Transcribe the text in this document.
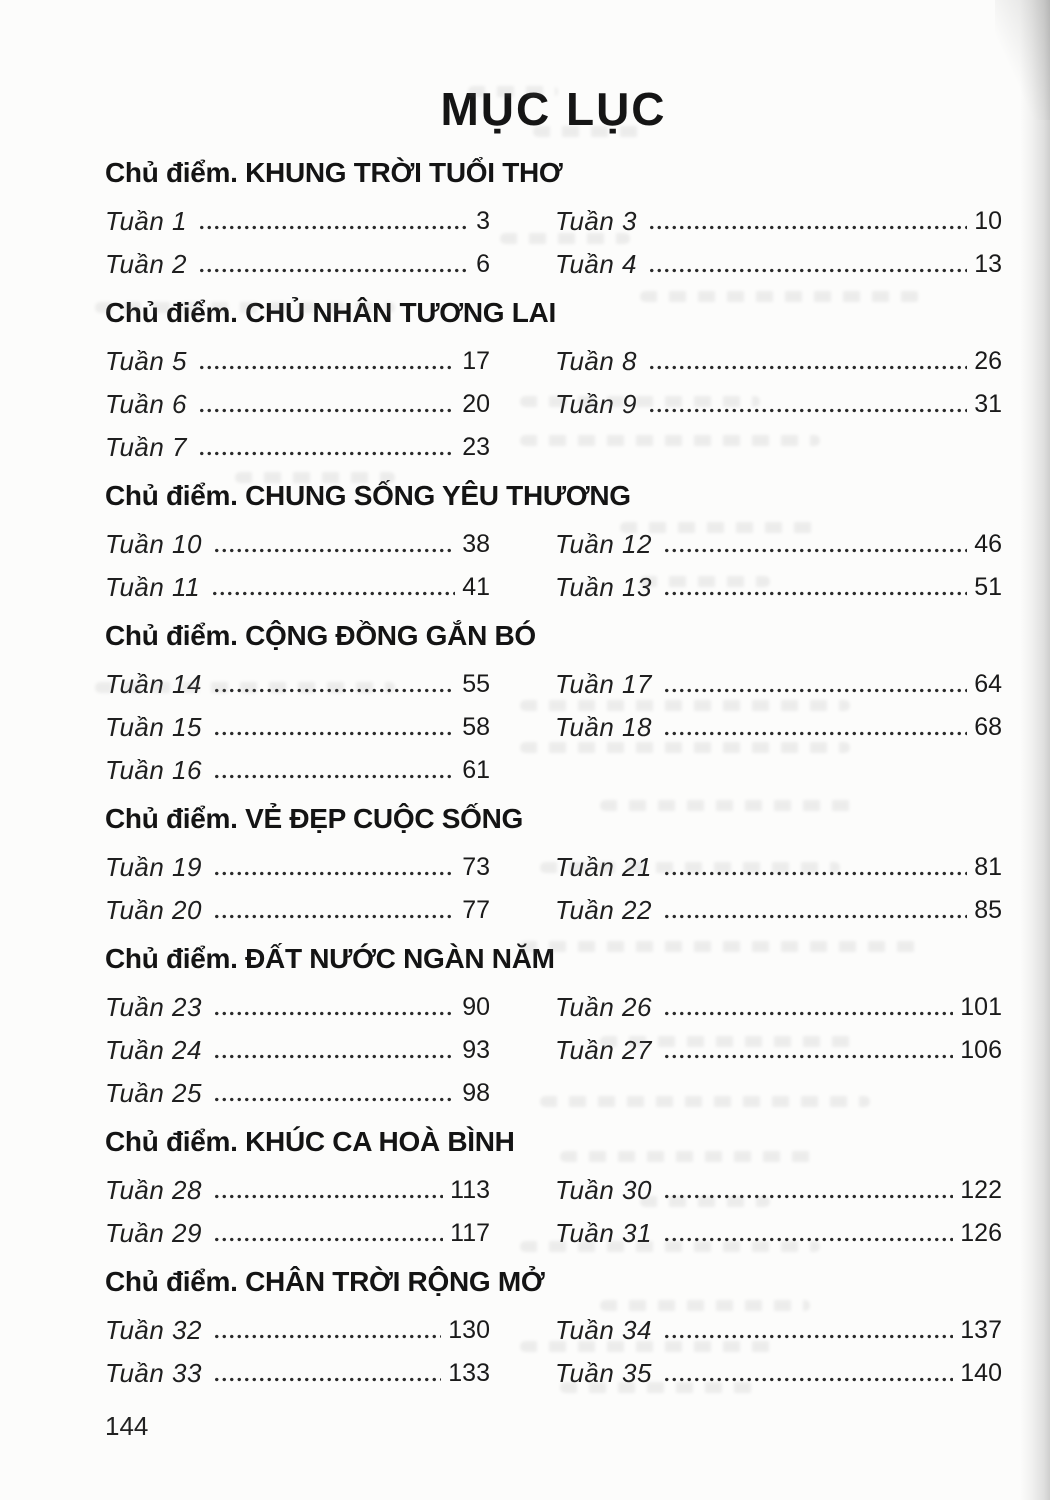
MỤC LỤC
Chủ điểm. KHUNG TRỜI TUỔI THƠ
Tuần 1	3
Tuần 2	6
Tuần 3	10
Tuần 4	13
Chủ điểm. CHỦ NHÂN TƯƠNG LAI
Tuần 5	17
Tuần 6	20
Tuần 7	23
Tuần 8	26
Tuần 9	31
Chủ điểm. CHUNG SỐNG YÊU THƯƠNG
Tuần 10	38
Tuần 11	41
Tuần 12	46
Tuần 13	51
Chủ điểm. CỘNG ĐỒNG GẮN BÓ
Tuần 14	55
Tuần 15	58
Tuần 16	61
Tuần 17	64
Tuần 18	68
Chủ điểm. VẺ ĐẸP CUỘC SỐNG
Tuần 19	73
Tuần 20	77
Tuần 21	81
Tuần 22	85
Chủ điểm. ĐẤT NƯỚC NGÀN NĂM
Tuần 23	90
Tuần 24	93
Tuần 25	98
Tuần 26	101
Tuần 27	106
Chủ điểm. KHÚC CA HOÀ BÌNH
Tuần 28	113
Tuần 29	117
Tuần 30	122
Tuần 31	126
Chủ điểm. CHÂN TRỜI RỘNG MỞ
Tuần 32	130
Tuần 33	133
Tuần 34	137
Tuần 35	140
144
